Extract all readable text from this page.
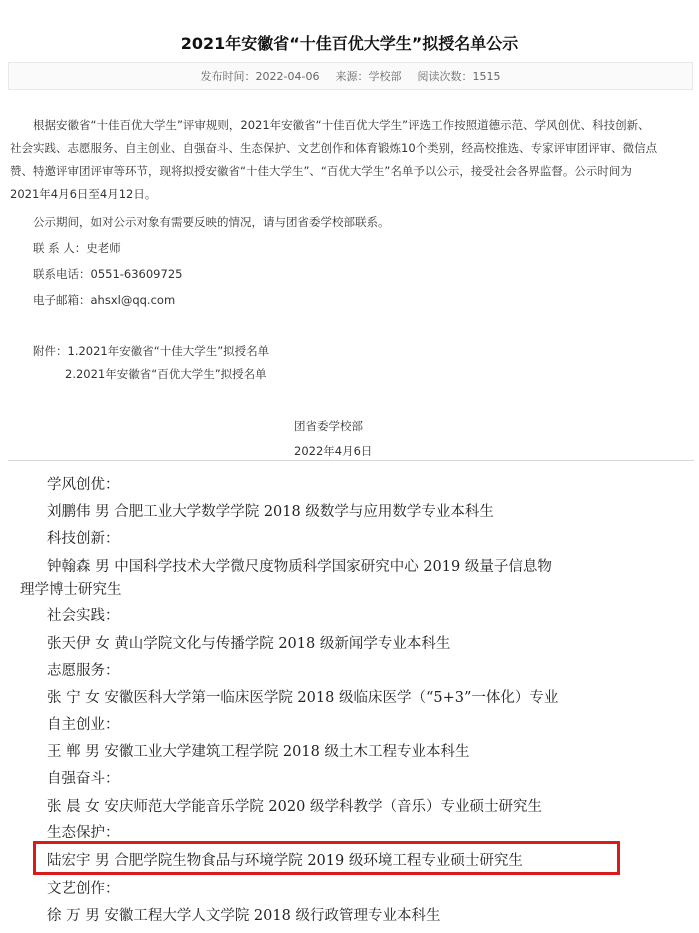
2021年安徽省“十佳百优大学生”拟授名单公示
发布时间：2022-04-06 来源：学校部 阅读次数：1515
根据安徽省“十佳百优大学生”评审规则，2021年安徽省“十佳百优大学生”评选工作按照道德示范、学风创优、科技创新、
社会实践、志愿服务、自主创业、自强奋斗、生态保护、文艺创作和体育锻炼10个类别，经高校推选、专家评审团评审、微信点
赞、特邀评审团评审等环节，现将拟授安徽省“十佳大学生”、“百优大学生”名单予以公示，接受社会各界监督。公示时间为
2021年4月6日至4月12日。
公示期间，如对公示对象有需要反映的情况，请与团省委学校部联系。
联 系 人：史老师
联系电话：0551-63609725
电子邮箱：ahsxl@qq.com
附件：1.2021年安徽省“十佳大学生”拟授名单
2.2021年安徽省“百优大学生”拟授名单
团省委学校部
2022年4月6日
学风创优：
刘鹏伟 男 合肥工业大学数学学院 2018 级数学与应用数学专业本科生
科技创新：
钟翰森 男 中国科学技术大学微尺度物质科学国家研究中心 2019 级量子信息物
理学博士研究生
社会实践：
张天伊 女 黄山学院文化与传播学院 2018 级新闻学专业本科生
志愿服务：
张 宁 女 安徽医科大学第一临床医学院 2018 级临床医学（“5+3”一体化）专业
自主创业：
王 郸 男 安徽工业大学建筑工程学院 2018 级土木工程专业本科生
自强奋斗：
张 晨 女 安庆师范大学能音乐学院 2020 级学科教学（音乐）专业硕士研究生
生态保护：
陆宏宇 男 合肥学院生物食品与环境学院 2019 级环境工程专业硕士研究生
文艺创作：
徐 万 男 安徽工程大学人文学院 2018 级行政管理专业本科生
